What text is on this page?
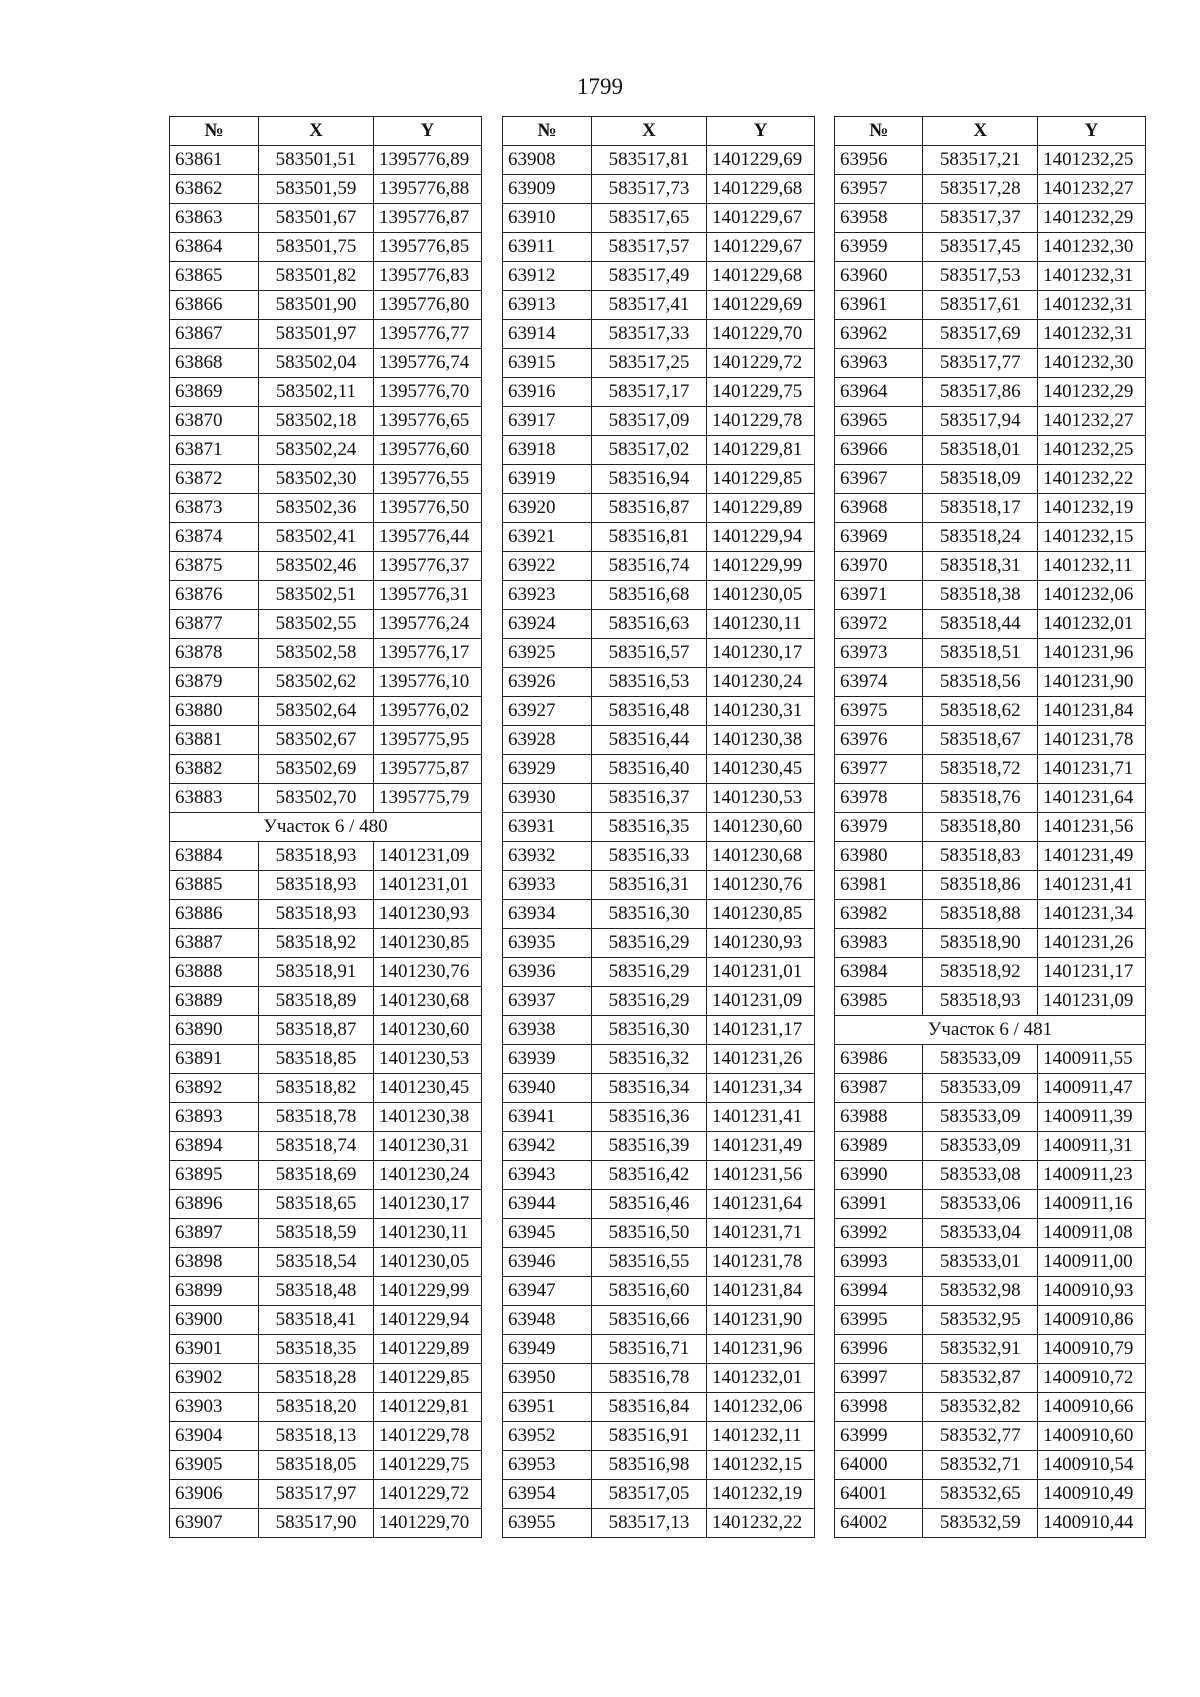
1799
№	X	Y
63861	583501,51	1395776,89
63862	583501,59	1395776,88
63863	583501,67	1395776,87
63864	583501,75	1395776,85
63865	583501,82	1395776,83
63866	583501,90	1395776,80
63867	583501,97	1395776,77
63868	583502,04	1395776,74
63869	583502,11	1395776,70
63870	583502,18	1395776,65
63871	583502,24	1395776,60
63872	583502,30	1395776,55
63873	583502,36	1395776,50
63874	583502,41	1395776,44
63875	583502,46	1395776,37
63876	583502,51	1395776,31
63877	583502,55	1395776,24
63878	583502,58	1395776,17
63879	583502,62	1395776,10
63880	583502,64	1395776,02
63881	583502,67	1395775,95
63882	583502,69	1395775,87
63883	583502,70	1395775,79
Участок 6 / 480		
63884	583518,93	1401231,09
63885	583518,93	1401231,01
63886	583518,93	1401230,93
63887	583518,92	1401230,85
63888	583518,91	1401230,76
63889	583518,89	1401230,68
63890	583518,87	1401230,60
63891	583518,85	1401230,53
63892	583518,82	1401230,45
63893	583518,78	1401230,38
63894	583518,74	1401230,31
63895	583518,69	1401230,24
63896	583518,65	1401230,17
63897	583518,59	1401230,11
63898	583518,54	1401230,05
63899	583518,48	1401229,99
63900	583518,41	1401229,94
63901	583518,35	1401229,89
63902	583518,28	1401229,85
63903	583518,20	1401229,81
63904	583518,13	1401229,78
63905	583518,05	1401229,75
63906	583517,97	1401229,72
63907	583517,90	1401229,70
№	X	Y
63908	583517,81	1401229,69
63909	583517,73	1401229,68
63910	583517,65	1401229,67
63911	583517,57	1401229,67
63912	583517,49	1401229,68
63913	583517,41	1401229,69
63914	583517,33	1401229,70
63915	583517,25	1401229,72
63916	583517,17	1401229,75
63917	583517,09	1401229,78
63918	583517,02	1401229,81
63919	583516,94	1401229,85
63920	583516,87	1401229,89
63921	583516,81	1401229,94
63922	583516,74	1401229,99
63923	583516,68	1401230,05
63924	583516,63	1401230,11
63925	583516,57	1401230,17
63926	583516,53	1401230,24
63927	583516,48	1401230,31
63928	583516,44	1401230,38
63929	583516,40	1401230,45
63930	583516,37	1401230,53
63931	583516,35	1401230,60
63932	583516,33	1401230,68
63933	583516,31	1401230,76
63934	583516,30	1401230,85
63935	583516,29	1401230,93
63936	583516,29	1401231,01
63937	583516,29	1401231,09
63938	583516,30	1401231,17
63939	583516,32	1401231,26
63940	583516,34	1401231,34
63941	583516,36	1401231,41
63942	583516,39	1401231,49
63943	583516,42	1401231,56
63944	583516,46	1401231,64
63945	583516,50	1401231,71
63946	583516,55	1401231,78
63947	583516,60	1401231,84
63948	583516,66	1401231,90
63949	583516,71	1401231,96
63950	583516,78	1401232,01
63951	583516,84	1401232,06
63952	583516,91	1401232,11
63953	583516,98	1401232,15
63954	583517,05	1401232,19
63955	583517,13	1401232,22
№	X	Y
63956	583517,21	1401232,25
63957	583517,28	1401232,27
63958	583517,37	1401232,29
63959	583517,45	1401232,30
63960	583517,53	1401232,31
63961	583517,61	1401232,31
63962	583517,69	1401232,31
63963	583517,77	1401232,30
63964	583517,86	1401232,29
63965	583517,94	1401232,27
63966	583518,01	1401232,25
63967	583518,09	1401232,22
63968	583518,17	1401232,19
63969	583518,24	1401232,15
63970	583518,31	1401232,11
63971	583518,38	1401232,06
63972	583518,44	1401232,01
63973	583518,51	1401231,96
63974	583518,56	1401231,90
63975	583518,62	1401231,84
63976	583518,67	1401231,78
63977	583518,72	1401231,71
63978	583518,76	1401231,64
63979	583518,80	1401231,56
63980	583518,83	1401231,49
63981	583518,86	1401231,41
63982	583518,88	1401231,34
63983	583518,90	1401231,26
63984	583518,92	1401231,17
63985	583518,93	1401231,09
Участок 6 / 481		
63986	583533,09	1400911,55
63987	583533,09	1400911,47
63988	583533,09	1400911,39
63989	583533,09	1400911,31
63990	583533,08	1400911,23
63991	583533,06	1400911,16
63992	583533,04	1400911,08
63993	583533,01	1400911,00
63994	583532,98	1400910,93
63995	583532,95	1400910,86
63996	583532,91	1400910,79
63997	583532,87	1400910,72
63998	583532,82	1400910,66
63999	583532,77	1400910,60
64000	583532,71	1400910,54
64001	583532,65	1400910,49
64002	583532,59	1400910,44
